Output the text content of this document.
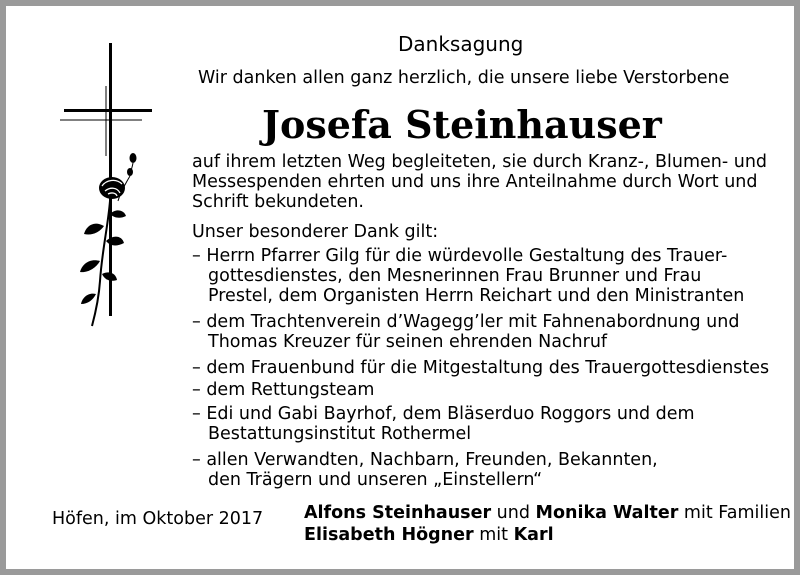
Danksagung
Wir danken allen ganz herzlich, die unsere liebe Verstorbene
Josefa Steinhauser
auf ihrem letzten Weg begleiteten, sie durch Kranz-, Blumen- und
Messespenden ehrten und uns ihre Anteilnahme durch Wort und
Schrift bekundeten.
Unser besonderer Dank gilt:
– Herrn Pfarrer Gilg für die würdevolle Gestaltung des Trauer-
gottesdienstes, den Mesnerinnen Frau Brunner und Frau
Prestel, dem Organisten Herrn Reichart und den Ministranten
– dem Trachtenverein d’Wagegg’ler mit Fahnenabordnung und
Thomas Kreuzer für seinen ehrenden Nachruf
– dem Frauenbund für die Mitgestaltung des Trauergottesdienstes
– dem Rettungsteam
– Edi und Gabi Bayrhof, dem Bläserduo Roggors und dem
Bestattungsinstitut Rothermel
– allen Verwandten, Nachbarn, Freunden, Bekannten,
den Trägern und unseren „Einstellern“
Höfen, im Oktober 2017 Alfons Steinhauser und Monika Walter mit Familien
Elisabeth Högner mit Karl
